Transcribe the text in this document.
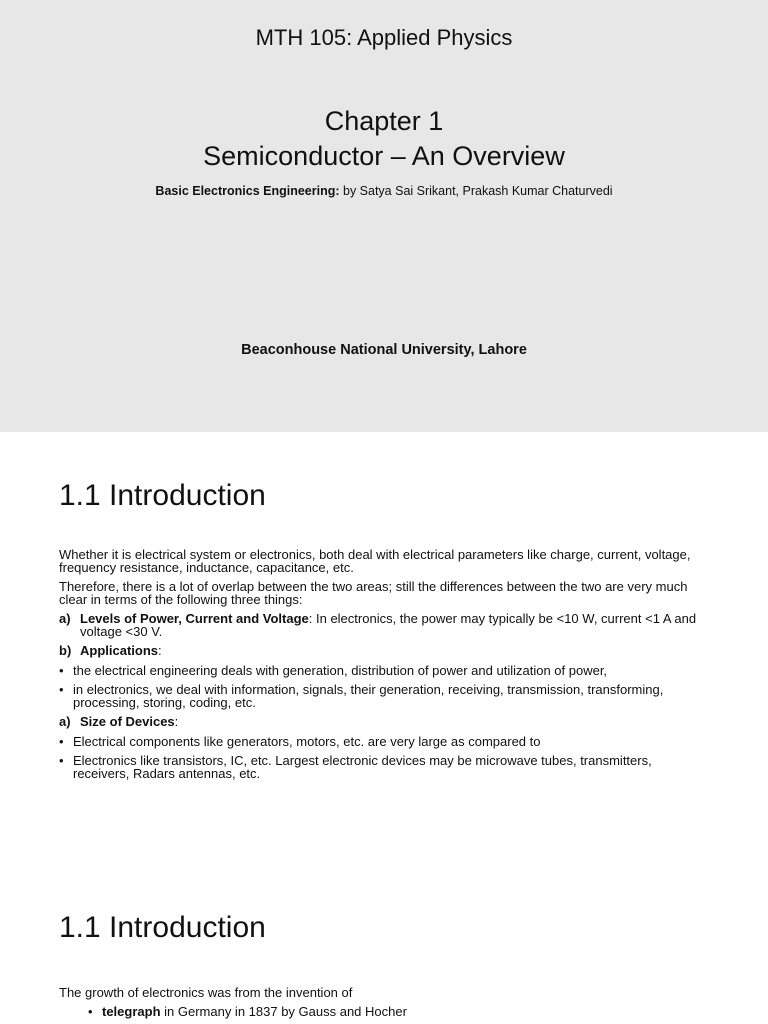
MTH 105: Applied Physics
Chapter 1
Semiconductor – An Overview
Basic Electronics Engineering: by Satya Sai Srikant, Prakash Kumar Chaturvedi
Beaconhouse National University, Lahore
1.1 Introduction

Whether it is electrical system or electronics, both deal with electrical parameters like charge, current, voltage, frequency resistance, inductance, capacitance, etc.

Therefore, there is a lot of overlap between the two areas; still the differences between the two are very much clear in terms of the following three things:

a) Levels of Power, Current and Voltage: In electronics, the power may typically be <10 W, current <1 A and voltage <30 V.
b) Applications:
• the electrical engineering deals with generation, distribution of power and utilization of power,
• in electronics, we deal with information, signals, their generation, receiving, transmission, transforming, processing, storing, coding, etc.
a) Size of Devices:
• Electrical components like generators, motors, etc. are very large as compared to
• Electronics like transistors, IC, etc. Largest electronic devices may be microwave tubes, transmitters, receivers, Radars antennas, etc.
1.1 Introduction

The growth of electronics was from the invention of

• telegraph in Germany in 1837 by Gauss and Hocher
